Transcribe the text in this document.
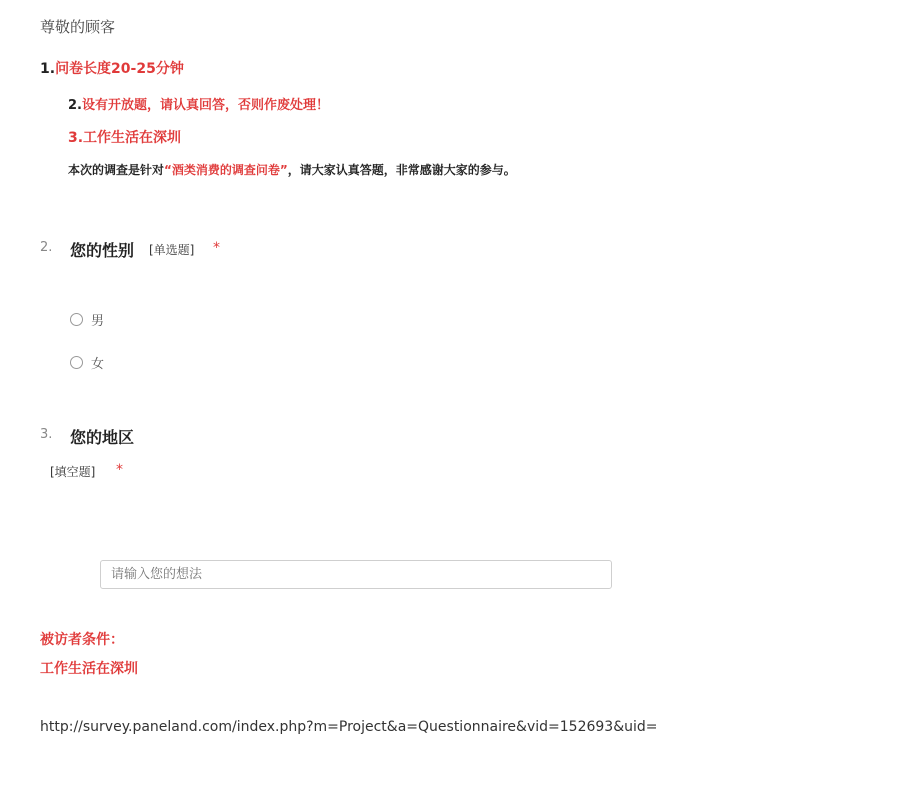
尊敬的顾客
1.问卷长度20-25分钟
2.设有开放题，请认真回答，否则作废处理！
3.工作生活在深圳
本次的调查是针对“酒类消费的调查问卷”，请大家认真答题，非常感谢大家的参与。
2. 您的性别 [单选题] *
男
女
3. 您的地区
[填空题] *
请输入您的想法
被访者条件：
工作生活在深圳
http://survey.paneland.com/index.php?m=Project&a=Questionnaire&vid=152693&uid=
